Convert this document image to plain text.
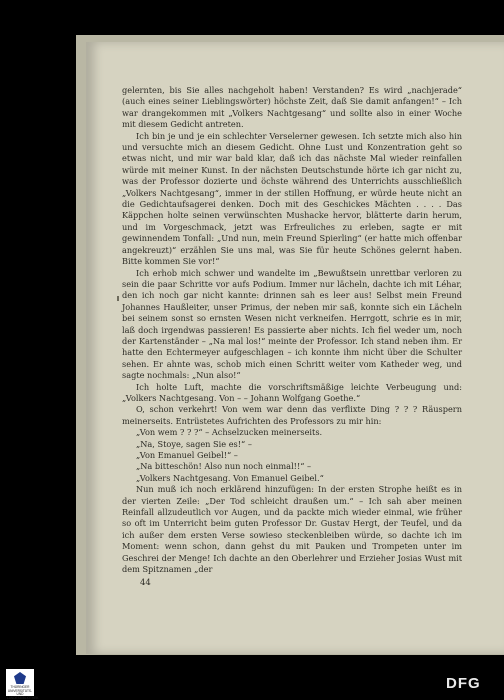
gelernten, bis Sie alles nachgeholt haben! Verstanden? Es wird „nachjerade“ (auch eines seiner Lieblingswörter) höchste Zeit, daß Sie damit anfangen!“ – Ich war drangekommen mit „Volkers Nachtgesang“ und sollte also in einer Woche mit diesem Gedicht antreten.

Ich bin je und je ein schlechter Verselerner gewesen. Ich setzte mich also hin und versuchte mich an diesem Gedicht. Ohne Lust und Konzentration geht so etwas nicht, und mir war bald klar, daß ich das nächste Mal wieder reinfallen würde mit meiner Kunst. In der nächsten Deutschstunde hörte ich gar nicht zu, was der Professor dozierte und öchste während des Unterrichts ausschließlich „Volkers Nachtgesang“, immer in der stillen Hoffnung, er würde heute nicht an die Gedichtaufsagerei denken. Doch mit des Geschickes Mächten . . . . Das Käppchen holte seinen verwünschten Mushacke hervor, blätterte darin herum, und im Vorgeschmack, jetzt was Erfreuliches zu erleben, sagte er mit gewinnendem Tonfall: „Und nun, mein Freund Spierling“ (er hatte mich offenbar angekreuzt)“ erzählen Sie uns mal, was Sie für heute Schönes gelernt haben. Bitte kommen Sie vor!“

Ich erhob mich schwer und wandelte im „Bewußtsein unrettbar verloren zu sein die paar Schritte vor aufs Podium. Immer nur lächeln, dachte ich mit Léhar, den ich noch gar nicht kannte: drinnen sah es leer aus! Selbst mein Freund Johannes Haußleiter, unser Primus, der neben mir saß, konnte sich ein Lächeln bei seinem sonst so ernsten Wesen nicht verkneifen. Herrgott, schrie es in mir, laß doch irgendwas passieren! Es passierte aber nichts. Ich fiel weder um, noch der Kartenständer – „Na mal los!“ meinte der Professor. Ich stand neben ihm. Er hatte den Echtermeyer aufgeschlagen – ich konnte ihm nicht über die Schulter sehen. Er ahnte was, schob mich einen Schritt weiter vom Katheder weg, und sagte nochmals: „Nun also!“

Ich holte Luft, machte die vorschriftsmäßige leichte Verbeugung und: „Volkers Nachtgesang. Von – – Johann Wolfgang Goethe.“

O, schon verkehrt! Von wem war denn das verflixte Ding ? ? ? Räuspern meinerseits. Entrüstetes Aufrichten des Professors zu mir hin:

„Von wem ? ? ?“ – Achselzucken meinerseits.

„Na, Stoye, sagen Sie es!“ –

„Von Emanuel Geibel!“ –

„Na bitteschön! Also nun noch einmal!!“ –

„Volkers Nachtgesang. Von Emanuel Geibel.“

Nun muß ich noch erklärend hinzufügen: In der ersten Strophe heißt es in der vierten Zeile: „Der Tod schleicht draußen um.“ – Ich sah aber meinen Reinfall allzudeutlich vor Augen, und da packte mich wieder einmal, wie früher so oft im Unterricht beim guten Professor Dr. Gustav Hergt, der Teufel, und da ich außer dem ersten Verse sowieso steckenbleiben würde, so dachte ich im Moment: wenn schon, dann gehst du mit Pauken und Trompeten unter im Geschrei der Menge! Ich dachte an den Oberlehrer und Erzieher Josias Wust mit dem Spitznamen „der

44
THÜRINGER UNIVERSITÄTS- UND LANDESBIBLIOTHEK
DFG
